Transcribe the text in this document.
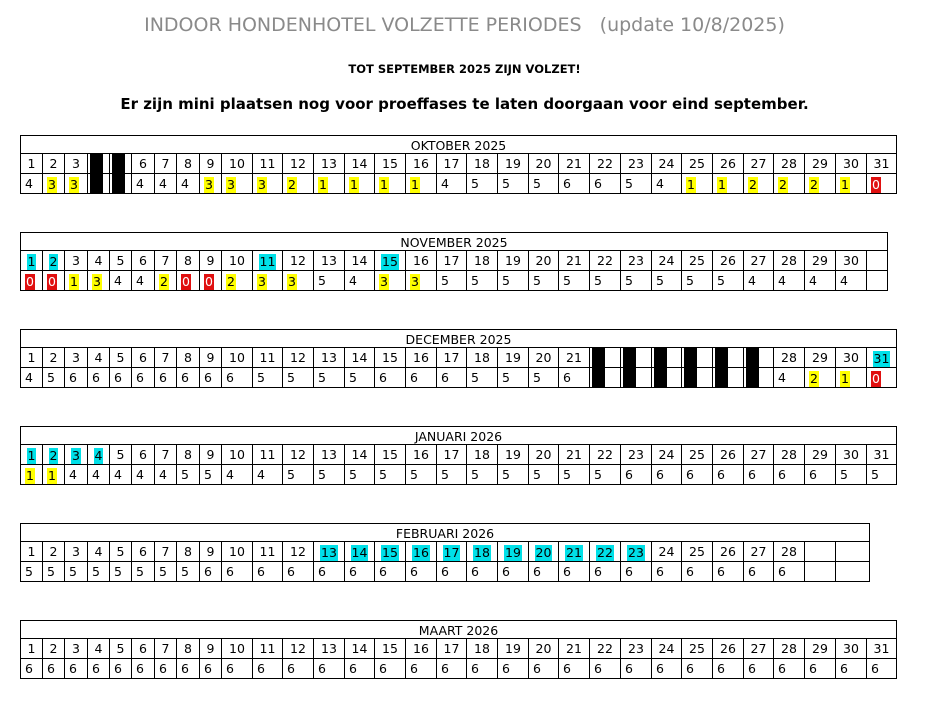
INDOOR HONDENHOTEL VOLZETTE PERIODES   (update 10/8/2025)
TOT SEPTEMBER 2025 ZIJN VOLZET!
Er zijn mini plaatsen nog voor proeffases te laten doorgaan voor eind september.
OKTOBER 2025
1	2	3	6	7	8	9	10	11	12	13	14	15	16	17	18	19	20	21	22	23	24	25	26	27	28	29	30	31
4	3	3	4	4	4	3	3	3	2	1	1	1	1	4	5	5	5	6	6	5	4	1	1	2	2	2	1	0
NOVEMBER 2025
1	2	3	4	5	6	7	8	9	10	11	12	13	14	15	16	17	18	19	20	21	22	23	24	25	26	27	28	29	30
0	0	1	3	4	4	2	0	0	2	3	3	5	4	3	3	5	5	5	5	5	5	5	5	5	5	4	4	4	4
DECEMBER 2025
1	2	3	4	5	6	7	8	9	10	11	12	13	14	15	16	17	18	19	20	21	28	29	30	31
4	5	6	6	6	6	6	6	6	6	5	5	5	5	6	6	6	5	5	5	6	4	2	1	0
JANUARI 2026
1	2	3	4	5	6	7	8	9	10	11	12	13	14	15	16	17	18	19	20	21	22	23	24	25	26	27	28	29	30	31
1	1	4	4	4	4	4	5	5	4	4	5	5	5	5	5	5	5	5	5	5	5	6	6	6	6	6	6	6	5	5
FEBRUARI 2026
1	2	3	4	5	6	7	8	9	10	11	12	13	14	15	16	17	18	19	20	21	22	23	24	25	26	27	28
5	5	5	5	5	5	5	5	6	6	6	6	6	6	6	6	6	6	6	6	6	6	6	6	6	6	6	6
MAART 2026
1	2	3	4	5	6	7	8	9	10	11	12	13	14	15	16	17	18	19	20	21	22	23	24	25	26	27	28	29	30	31
6	6	6	6	6	6	6	6	6	6	6	6	6	6	6	6	6	6	6	6	6	6	6	6	6	6	6	6	6	6	6
